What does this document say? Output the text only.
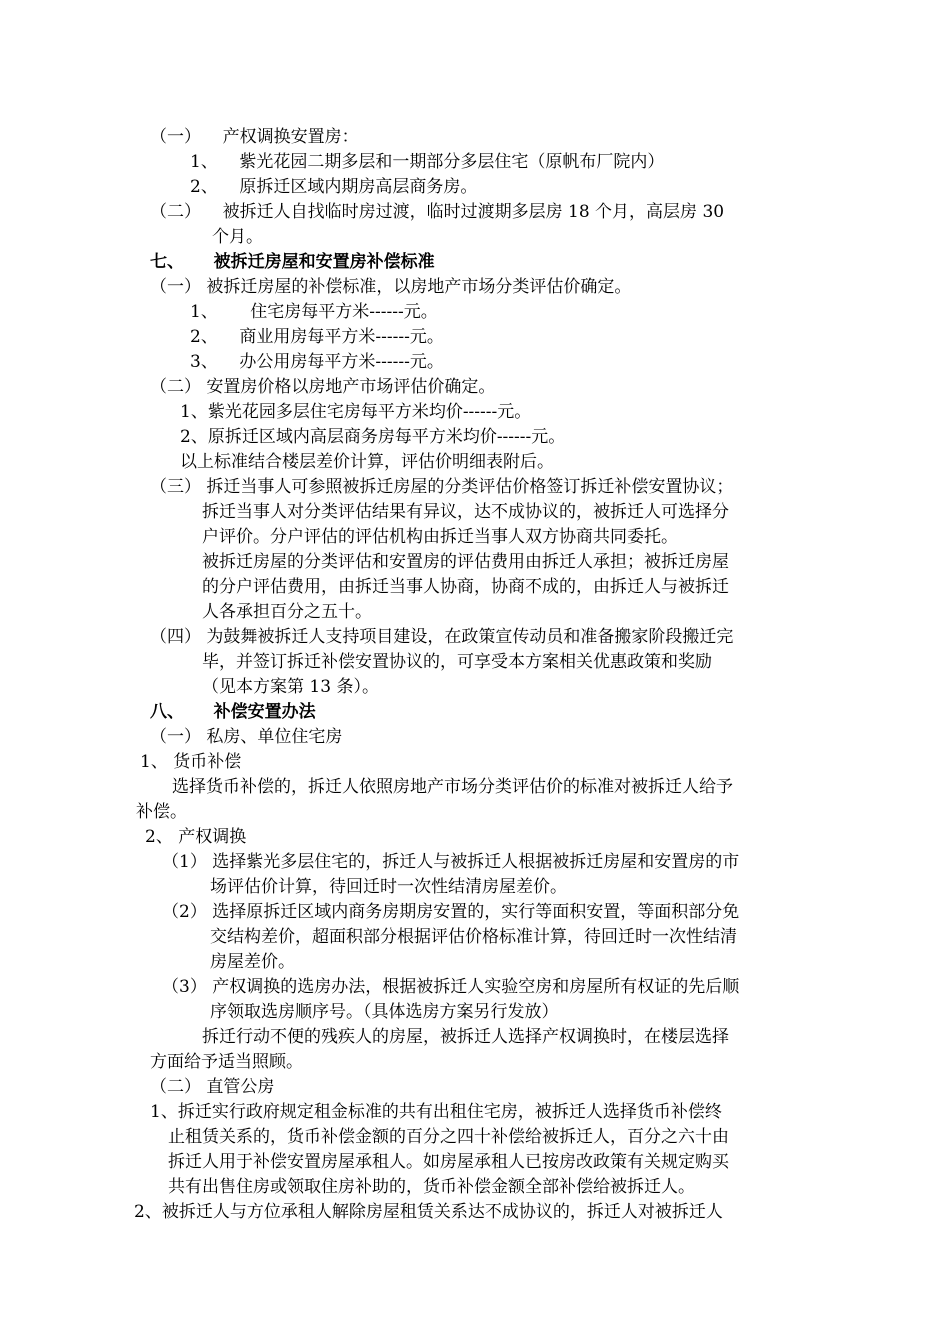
（一）    产权调换安置房：
1、    紫光花园二期多层和一期部分多层住宅（原帆布厂院内）
2、    原拆迁区域内期房高层商务房。
（二）    被拆迁人自找临时房过渡，临时过渡期多层房 18 个月，高层房 30
个月。
七、     被拆迁房屋和安置房补偿标准
（一） 被拆迁房屋的补偿标准，以房地产市场分类评估价确定。
1、      住宅房每平方米------元。
2、    商业用房每平方米------元。
3、    办公用房每平方米------元。
（二） 安置房价格以房地产市场评估价确定。
1、紫光花园多层住宅房每平方米均价------元。
2、原拆迁区域内高层商务房每平方米均价------元。
以上标准结合楼层差价计算，评估价明细表附后。
（三） 拆迁当事人可参照被拆迁房屋的分类评估价格签订拆迁补偿安置协议；
拆迁当事人对分类评估结果有异议，达不成协议的，被拆迁人可选择分
户评价。分户评估的评估机构由拆迁当事人双方协商共同委托。
被拆迁房屋的分类评估和安置房的评估费用由拆迁人承担；被拆迁房屋
的分户评估费用，由拆迁当事人协商，协商不成的，由拆迁人与被拆迁
人各承担百分之五十。
（四） 为鼓舞被拆迁人支持项目建设，在政策宣传动员和准备搬家阶段搬迁完
毕，并签订拆迁补偿安置协议的，可享受本方案相关优惠政策和奖励
（见本方案第 13 条）。
八、     补偿安置办法
（一） 私房、单位住宅房
1、 货币补偿
选择货币补偿的，拆迁人依照房地产市场分类评估价的标准对被拆迁人给予
补偿。
2、 产权调换
（1） 选择紫光多层住宅的，拆迁人与被拆迁人根据被拆迁房屋和安置房的市
场评估价计算，待回迁时一次性结清房屋差价。
（2） 选择原拆迁区域内商务房期房安置的，实行等面积安置，等面积部分免
交结构差价，超面积部分根据评估价格标准计算，待回迁时一次性结清
房屋差价。
（3） 产权调换的选房办法，根据被拆迁人实验空房和房屋所有权证的先后顺
序领取选房顺序号。（具体选房方案另行发放）
拆迁行动不便的残疾人的房屋，被拆迁人选择产权调换时，在楼层选择
方面给予适当照顾。
（二） 直管公房
1、拆迁实行政府规定租金标准的共有出租住宅房，被拆迁人选择货币补偿终
止租赁关系的，货币补偿金额的百分之四十补偿给被拆迁人，百分之六十由
拆迁人用于补偿安置房屋承租人。如房屋承租人已按房改政策有关规定购买
共有出售住房或领取住房补助的，货币补偿金额全部补偿给被拆迁人。
2、被拆迁人与方位承租人解除房屋租赁关系达不成协议的，拆迁人对被拆迁人
